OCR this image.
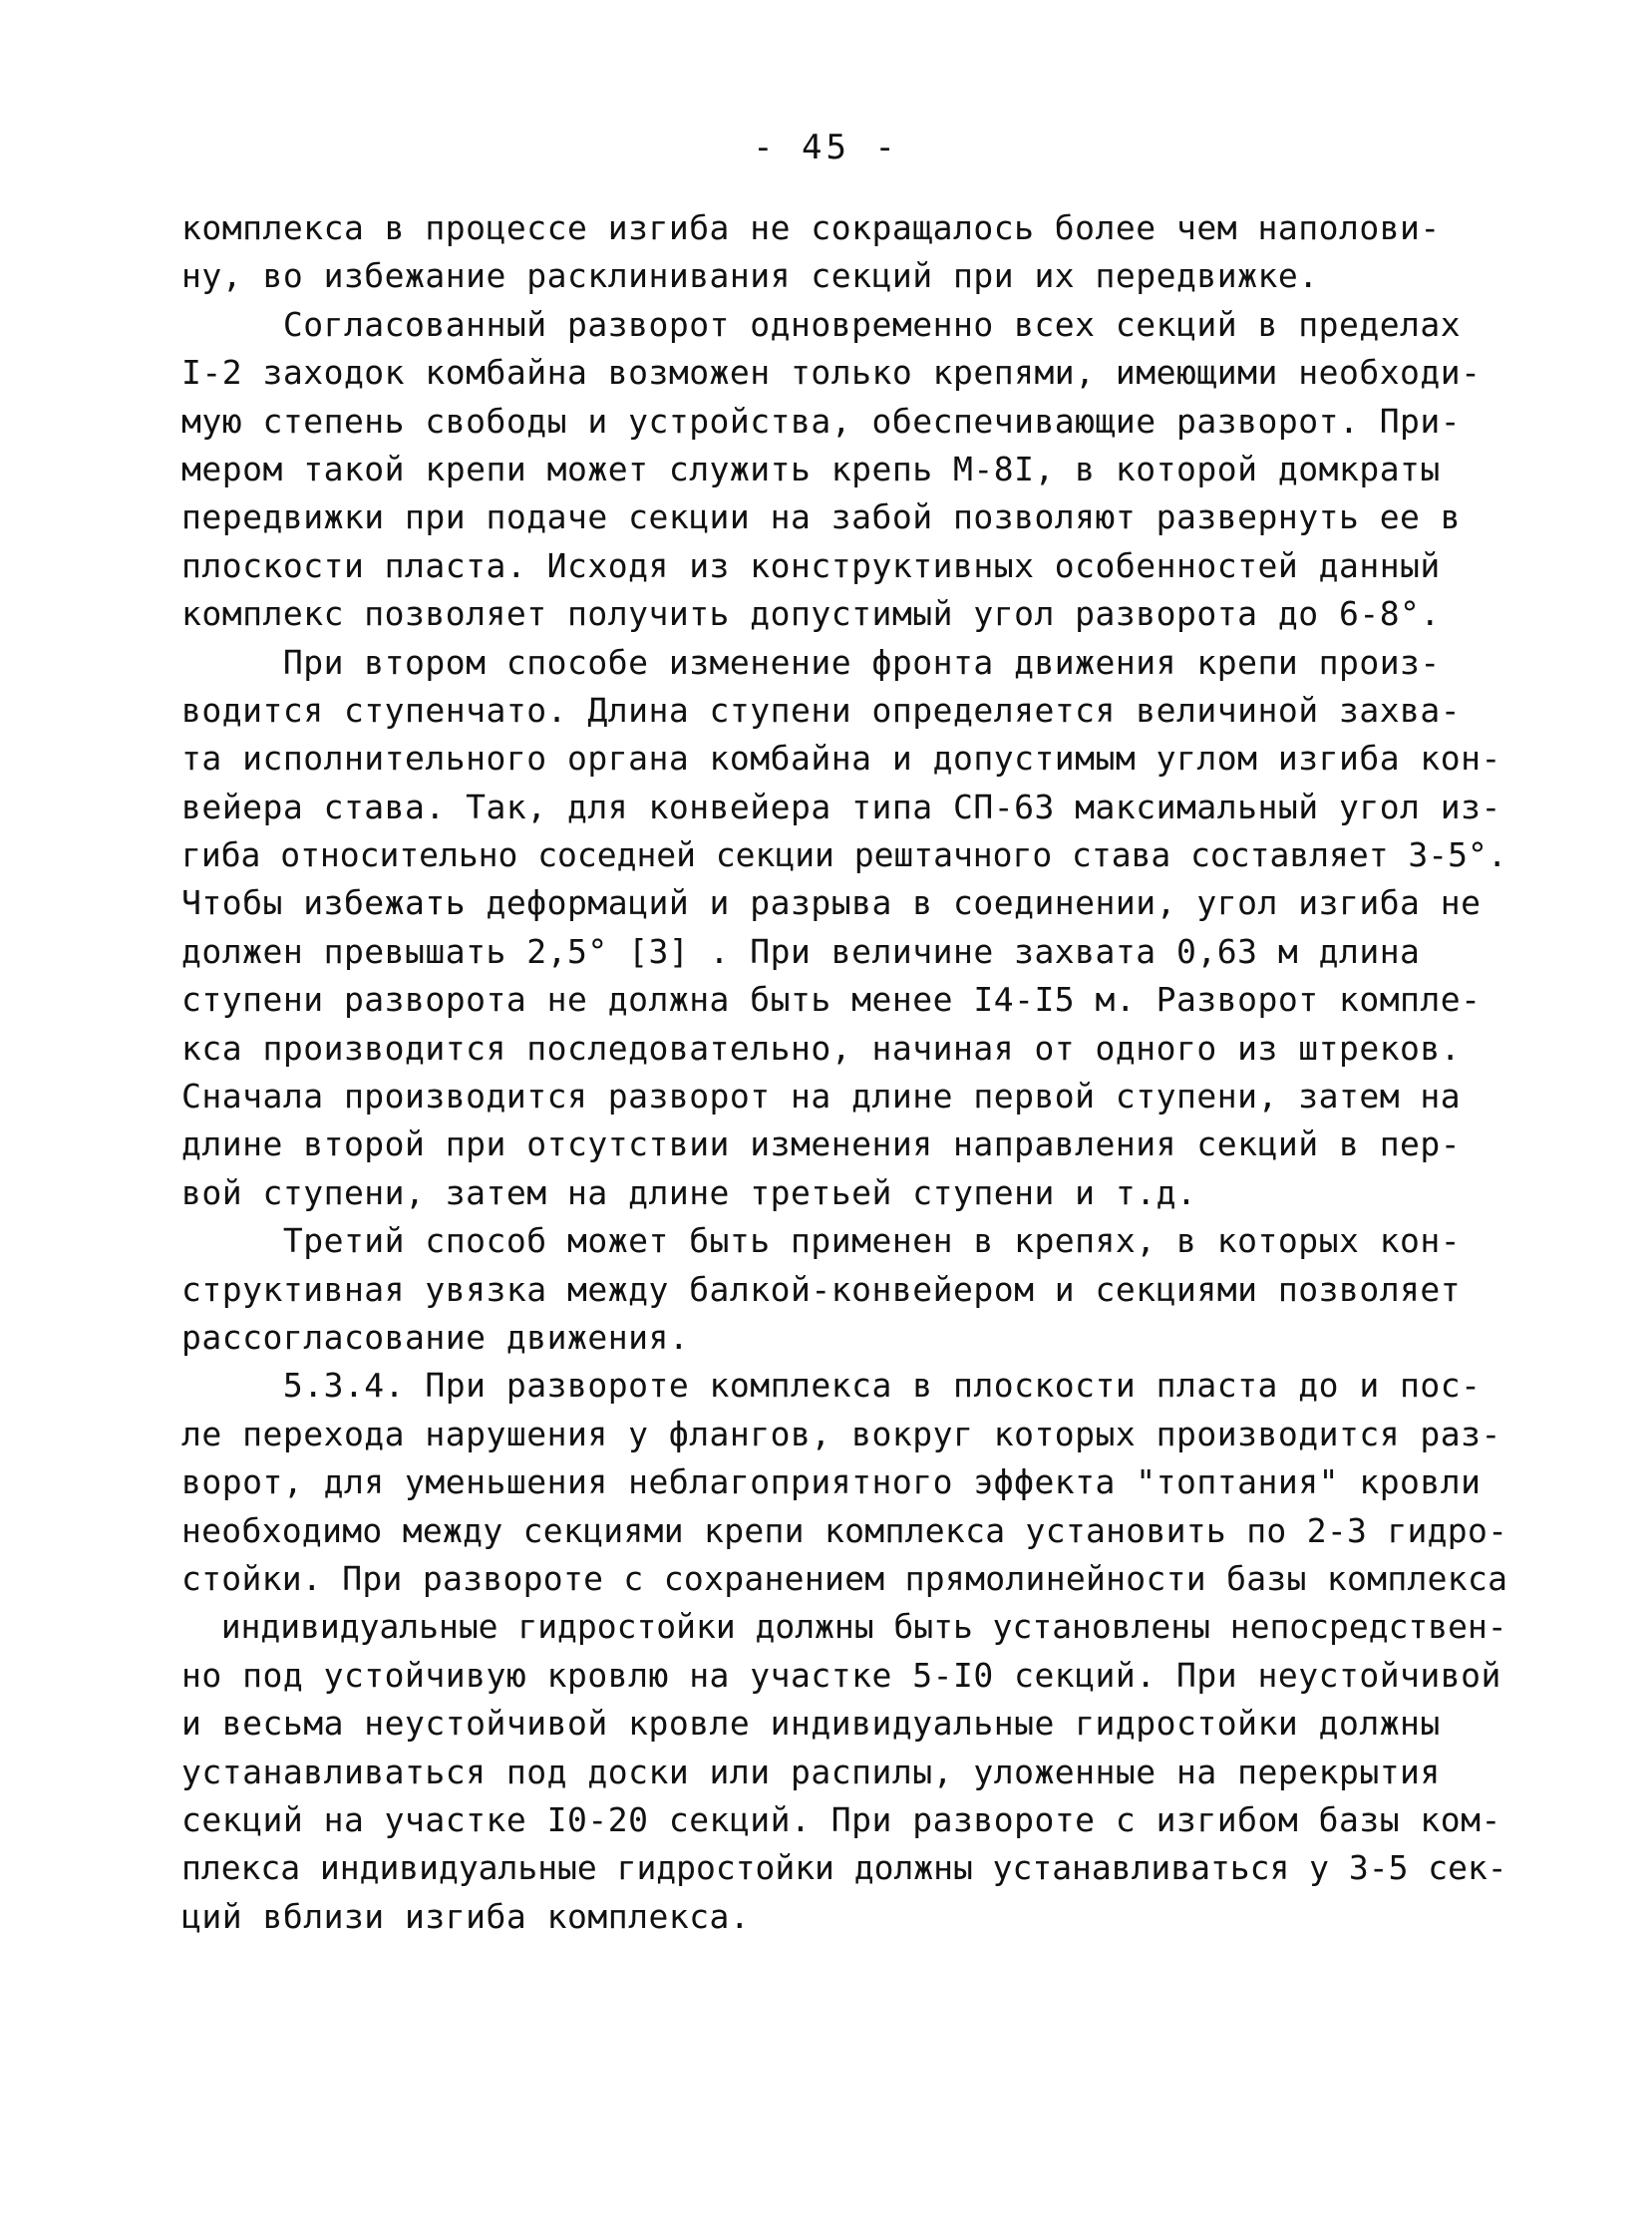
- 45 -
комплекса в процессе изгиба не сокращалось более чем наполови-
ну, во избежание расклинивания секций при их передвижке.
Согласованный разворот одновременно всех секций в пределах
I-2 заходок комбайна возможен только крепями, имеющими необходи-
мую степень свободы и устройства, обеспечивающие разворот. При-
мером такой крепи может служить крепь М-8I, в которой домкраты
передвижки при подаче секции на забой позволяют развернуть ее в
плоскости пласта. Исходя из конструктивных особенностей данный
комплекс позволяет получить допустимый угол разворота до 6-8°.
При втором способе изменение фронта движения крепи произ-
водится ступенчато. Длина ступени определяется величиной захва-
та исполнительного органа комбайна и допустимым углом изгиба кон-
вейера става. Так, для конвейера типа СП-63 максимальный угол из-
гиба относительно соседней секции рештачного става составляет 3-5°.
Чтобы избежать деформаций и разрыва в соединении, угол изгиба не
должен превышать 2,5° [3] . При величине захвата 0,63 м длина
ступени разворота не должна быть менее I4-I5 м. Разворот компле-
кса производится последовательно, начиная от одного из штреков.
Сначала производится разворот на длине первой ступени, затем на
длине второй при отсутствии изменения направления секций в пер-
вой ступени, затем на длине третьей ступени и т.д.
Третий способ может быть применен в крепях, в которых кон-
структивная увязка между балкой-конвейером и секциями позволяет
рассогласование движения.
5.3.4. При развороте комплекса в плоскости пласта до и пос-
ле перехода нарушения у флангов, вокруг которых производится раз-
ворот, для уменьшения неблагоприятного эффекта "топтания" кровли
необходимо между секциями крепи комплекса установить по 2-3 гидро-
стойки. При развороте с сохранением прямолинейности базы комплекса
индивидуальные гидростойки должны быть установлены непосредствен-
но под устойчивую кровлю на участке 5-I0 секций. При неустойчивой
и весьма неустойчивой кровле индивидуальные гидростойки должны
устанавливаться под доски или распилы, уложенные на перекрытия
секций на участке I0-20 секций. При развороте с изгибом базы ком-
плекса индивидуальные гидростойки должны устанавливаться у 3-5 сек-
ций вблизи изгиба комплекса.
